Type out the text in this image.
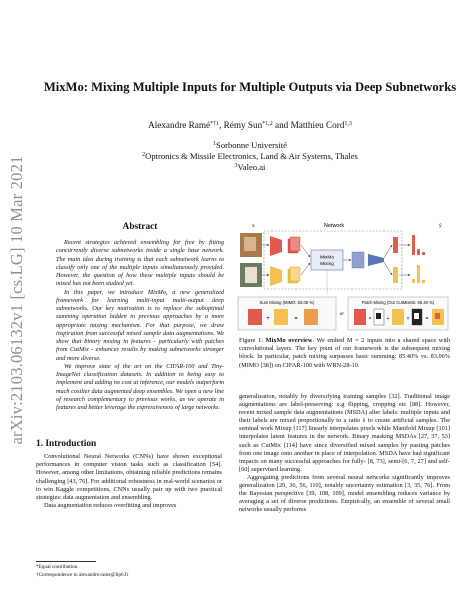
arXiv:2103.06132v1 [cs.LG] 10 Mar 2021
MixMo: Mixing Multiple Inputs for Multiple Outputs via Deep Subnetworks
Alexandre Ramé$^{*\dagger 1}$, Rémy Sun$^{*1,2}$ and Matthieu Cord$^{1,3}$
$^1$Sorbonne Université
$^2$Optronics & Missile Electronics, Land & Air Systems, Thales
$^3$Valeo.ai
Abstract

Recent strategies achieved ensembling for free by fitting concurrently diverse subnetworks inside a single base network. The main idea during training is that each subnetwork learns to classify only one of the multiple inputs simultaneously provided. However, the question of how these multiple inputs should be mixed has not been studied yet.

In this paper, we introduce MixMo, a new generalized framework for learning multi-input multi-output deep subnetworks. Our key motivation is to replace the suboptimal summing operation hidden in previous approaches by a more appropriate mixing mechanism. For that purpose, we draw inspiration from successful mixed sample data augmentations. We show that binary mixing in features - particularly with patches from CutMix - enhances results by making subnetworks stronger and more diverse.

We improve state of the art on the CIFAR-100 and Tiny-ImageNet classification datasets. In addition to being easy to implement and adding no cost at inference, our models outperform much costlier data augmented deep ensembles. We open a new line of research complementary to previous works, as we operate in features and better leverage the expressiveness of large networks.

1. Introduction

Convolutional Neural Networks (CNNs) have shown exceptional performances in computer vision tasks such as classification [54]. However, among other limitations, obtaining reliable predictions remains challenging [43, 76]. For additional robustness in real-world scenarios or to win Kaggle competitions, CNNs usually pair up with two practical strategies: data augmentation and ensembling.

Data augmentation reduces overfitting and improves

*Equal contribution.
†Correspondence to alexandre.rame@lip6.fr
x	Network	ŷ
MixMo
Mixing
Sum Mixing (MIMO: 83.06 %)
+	=
or
Patch Mixing (Our CutMixMo: 85.40 %)
×	+	×	=
Figure 1: MixMo overview. We embed M = 2 inputs into a shared space with convolutional layers. The key point of our framework is the subsequent mixing block. In particular, patch mixing surpasses basic summing: 85.40% vs. 83.06% (MIMO [38]) on CIFAR-100 with WRN-28-10.

generalization, notably by diversifying training samples [32]. Traditional image augmentations are label-preserving: e.g flipping, cropping etc [88]. However, recent mixed sample data augmentations (MSDA) alter labels: multiple inputs and their labels are mixed proportionally to a ratio λ to create artificial samples. The seminal work Mixup [117] linearly interpolates pixels while Manifold Mixup [101] interpolates latent features in the network. Binary masking MSDAs [27, 37, 53] such as CutMix [114] have since diversified mixed samples by pasting patches from one image onto another in place of interpolation. MSDA have had significant impacts on many successful approaches for fully- [8, 73], semi-[6, 7, 27] and self-[60] supervised learning.

Aggregating predictions from several neural networks significantly improves generalization [20, 36, 56, 110], notably uncertainty estimation [3, 35, 76]. From the Bayesian perspective [39, 108, 109], model ensembling reduces variance by averaging a set of diverse predictions. Empirically, an ensemble of several small networks usually performs
